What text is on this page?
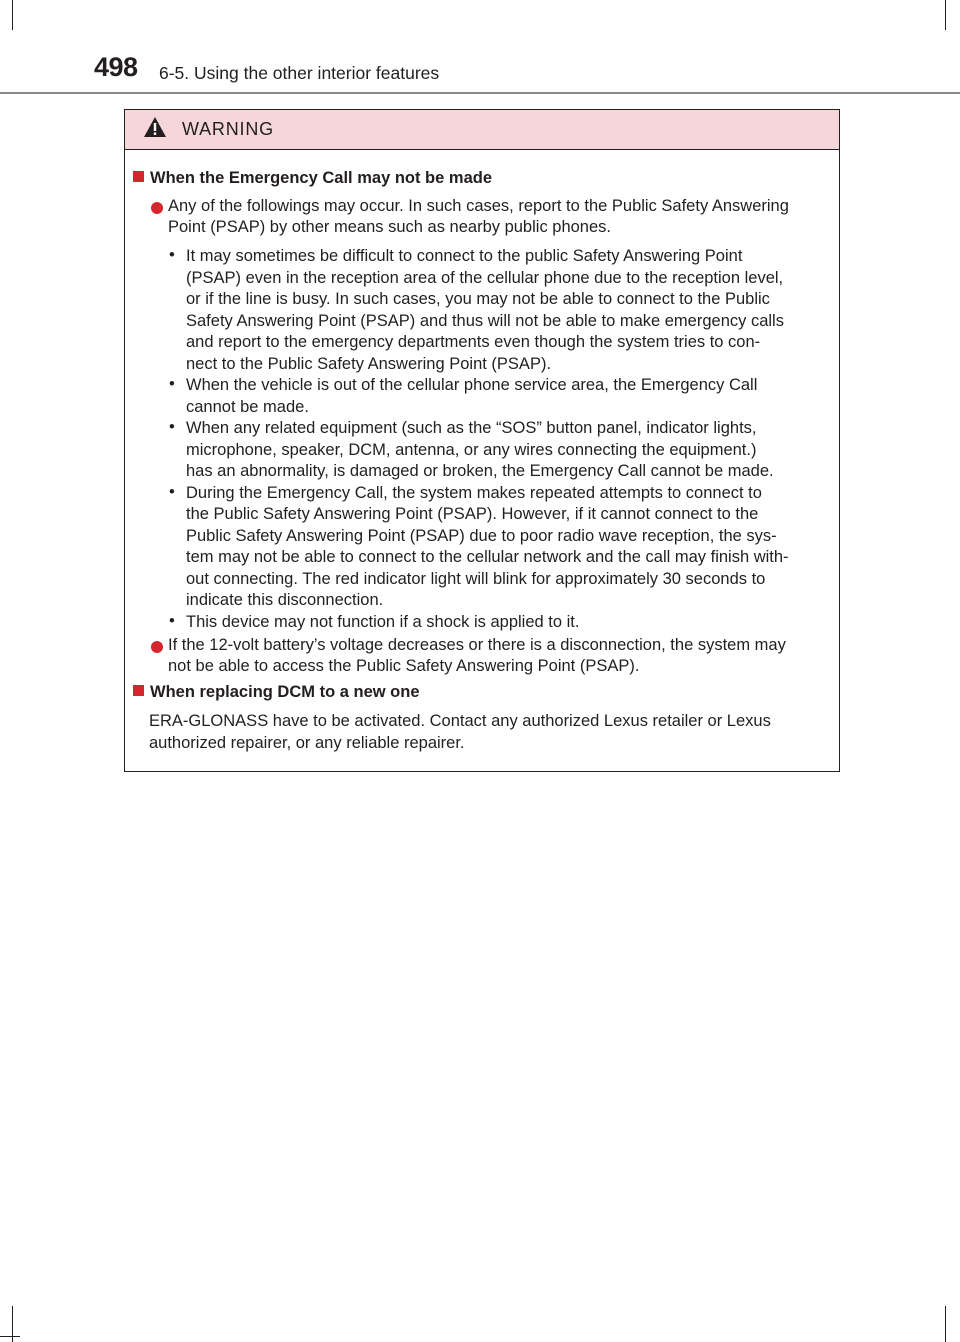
498 6-5. Using the other interior features
WARNING
When the Emergency Call may not be made
Any of the followings may occur. In such cases, report to the Public Safety Answering
Point (PSAP) by other means such as nearby public phones.
• It may sometimes be difficult to connect to the public Safety Answering Point
(PSAP) even in the reception area of the cellular phone due to the reception level,
or if the line is busy. In such cases, you may not be able to connect to the Public
Safety Answering Point (PSAP) and thus will not be able to make emergency calls
and report to the emergency departments even though the system tries to con-
nect to the Public Safety Answering Point (PSAP).
• When the vehicle is out of the cellular phone service area, the Emergency Call
cannot be made.
• When any related equipment (such as the “SOS” button panel, indicator lights,
microphone, speaker, DCM, antenna, or any wires connecting the equipment.)
has an abnormality, is damaged or broken, the Emergency Call cannot be made.
• During the Emergency Call, the system makes repeated attempts to connect to
the Public Safety Answering Point (PSAP). However, if it cannot connect to the
Public Safety Answering Point (PSAP) due to poor radio wave reception, the sys-
tem may not be able to connect to the cellular network and the call may finish with-
out connecting. The red indicator light will blink for approximately 30 seconds to
indicate this disconnection.
• This device may not function if a shock is applied to it.
If the 12-volt battery’s voltage decreases or there is a disconnection, the system may
not be able to access the Public Safety Answering Point (PSAP).
When replacing DCM to a new one
ERA-GLONASS have to be activated. Contact any authorized Lexus retailer or Lexus
authorized repairer, or any reliable repairer.
